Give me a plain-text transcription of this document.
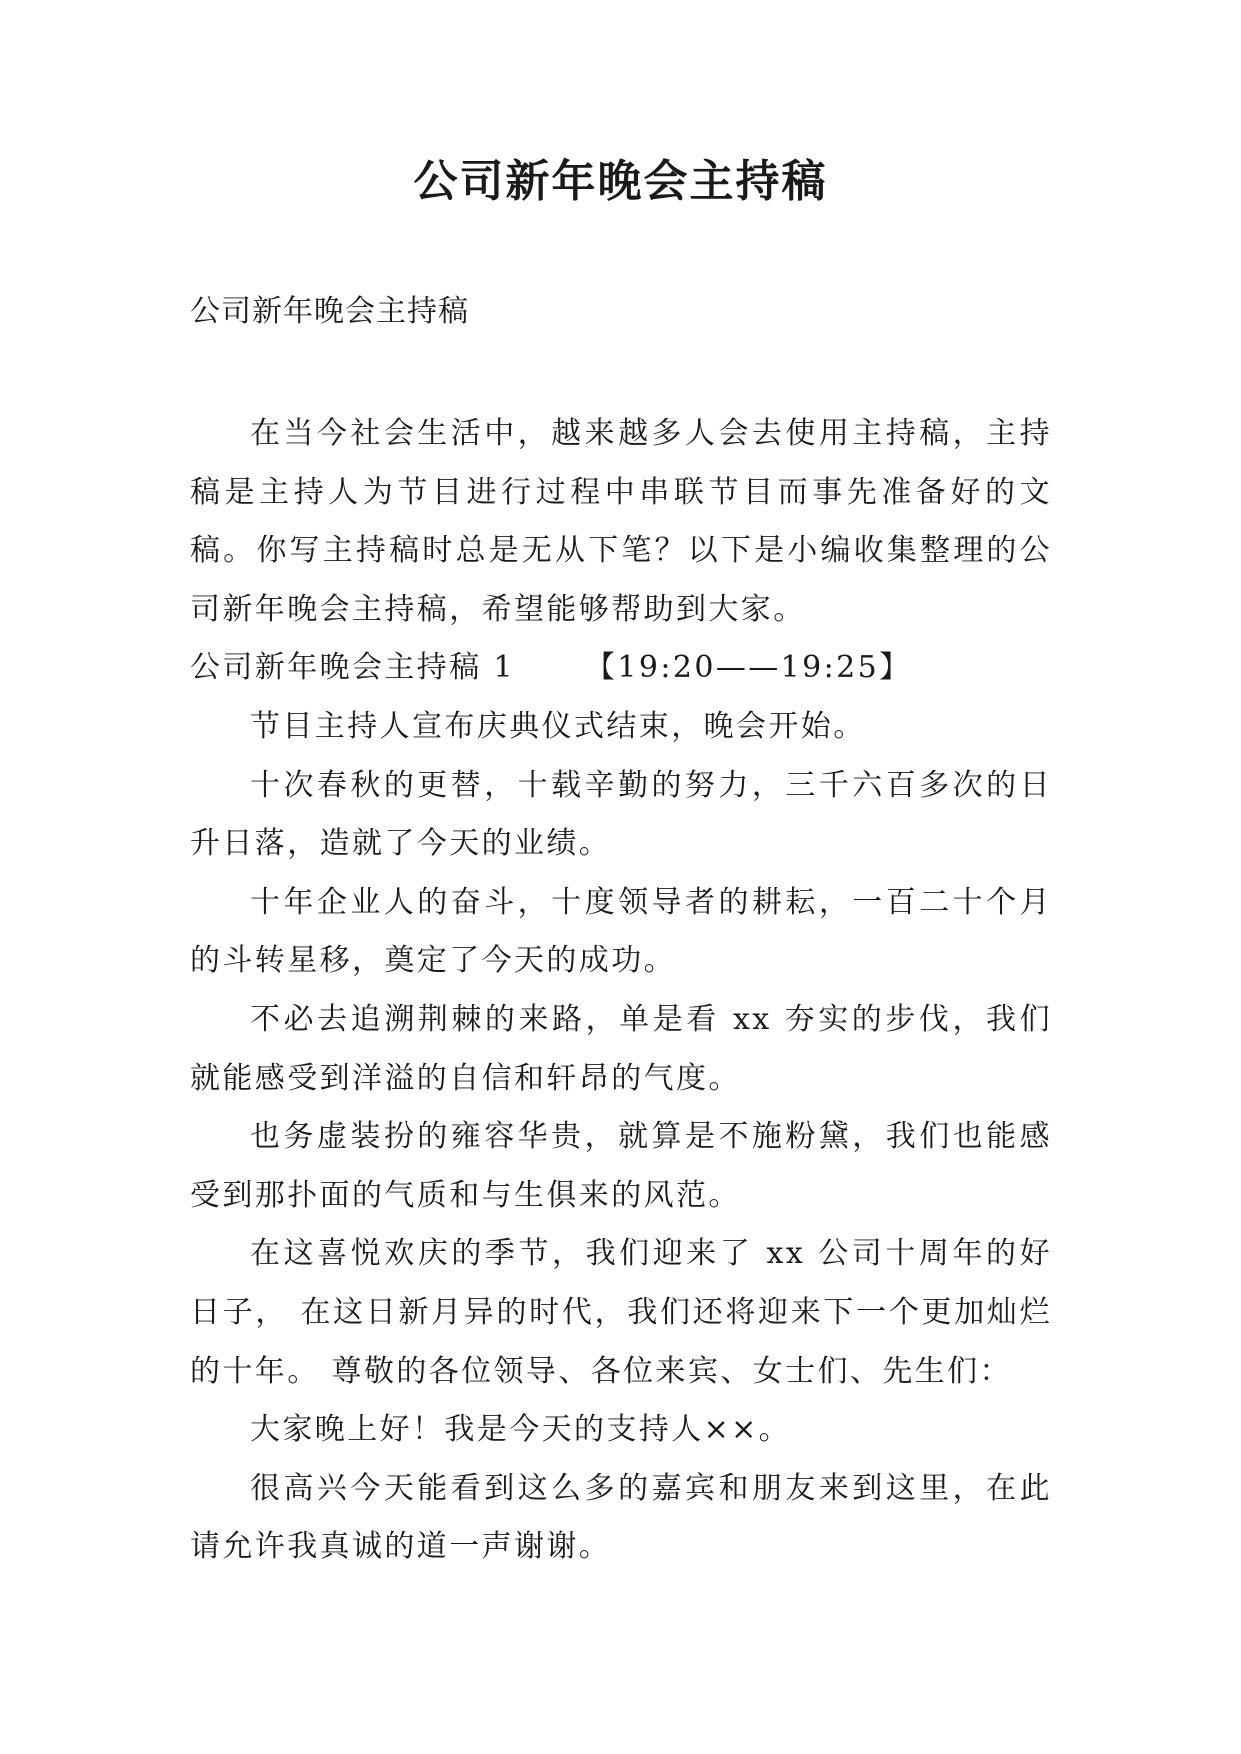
公司新年晚会主持稿
公司新年晚会主持稿

在当今社会生活中，越来越多人会去使用主持稿，主持稿是主持人为节目进行过程中串联节目而事先准备好的文稿。你写主持稿时总是无从下笔？以下是小编收集整理的公司新年晚会主持稿，希望能够帮助到大家。

公司新年晚会主持稿 1 【19:20——19:25】

节目主持人宣布庆典仪式结束，晚会开始。

十次春秋的更替，十载辛勤的努力，三千六百多次的日升日落，造就了今天的业绩。

十年企业人的奋斗，十度领导者的耕耘，一百二十个月的斗转星移，奠定了今天的成功。

不必去追溯荆棘的来路，单是看 xx 夯实的步伐，我们就能感受到洋溢的自信和轩昂的气度。

也务虚装扮的雍容华贵，就算是不施粉黛，我们也能感受到那扑面的气质和与生俱来的风范。

在这喜悦欢庆的季节，我们迎来了 xx 公司十周年的好日子， 在这日新月异的时代，我们还将迎来下一个更加灿烂的十年。 尊敬的各位领导、各位来宾、女士们、先生们：

大家晚上好！我是今天的支持人××。

很高兴今天能看到这么多的嘉宾和朋友来到这里，在此请允许我真诚的道一声谢谢。
